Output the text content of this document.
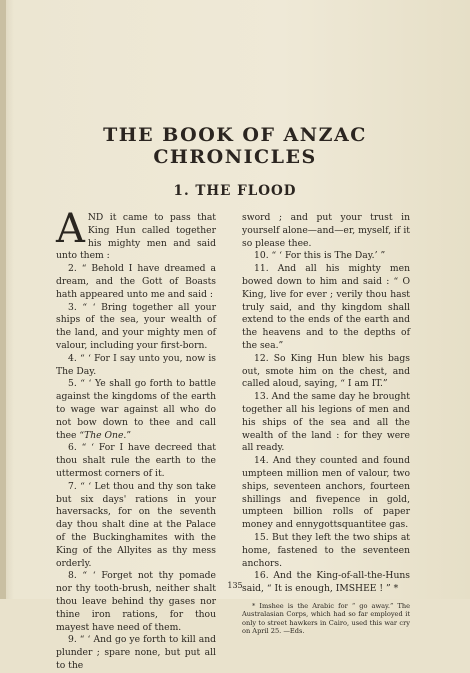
THE BOOK OF ANZAC
CHRONICLES
1. THE FLOOD

AND it came to pass that King Hun called together his mighty men and said unto them :

2. “ Behold I have dreamed a dream, and the Gott of Boasts hath appeared unto me and said :

3. “ ‘ Bring together all your ships of the sea, your wealth of the land, and your mighty men of valour, including your first-born.

4. “ ‘ For I say unto you, now is The Day.

5. “ ‘ Ye shall go forth to battle against the kingdoms of the earth to wage war against all who do not bow down to thee and call thee “The One.”

6. “ ‘ For I have decreed that thou shalt rule the earth to the uttermost corners of it.

7. “ ‘ Let thou and thy son take but six days' rations in your haversacks, for on the seventh day thou shalt dine at the Palace of the Buckinghamites with the King of the Allyites as thy mess orderly.

8. “ ‘ Forget not thy pomade nor thy tooth-brush, neither shalt thou leave behind thy gases nor thine iron rations, for thou mayest have need of them.

9. “ ‘ And go ye forth to kill and plunder ; spare none, but put all to the

sword ; and put your trust in yourself alone—and—er, myself, if it so please thee.

10. “ ‘ For this is The Day.’ ”

11. And all his mighty men bowed down to him and said : “ O King, live for ever ; verily thou hast truly said, and thy kingdom shall extend to the ends of the earth and the heavens and to the depths of the sea.”

12. So King Hun blew his bags out, smote him on the chest, and called aloud, saying, “ I am IT.”

13. And the same day he brought together all his legions of men and his ships of the sea and all the wealth of the land : for they were all ready.

14. And they counted and found umpteen million men of valour, two ships, seventeen anchors, fourteen shillings and fivepence in gold, umpteen billion rolls of paper money and ennygottsquantitee gas.

15. But they left the two ships at home, fastened to the seventeen anchors.

16. And the King-of-all-the-Huns said, “ It is enough, IMSHEE ! ” *

* Imshee is the Arabic for “ go away.” The Australasian Corps, which had so far employed it only to street hawkers in Cairo, used this war cry on April 25. —Eds.

135
